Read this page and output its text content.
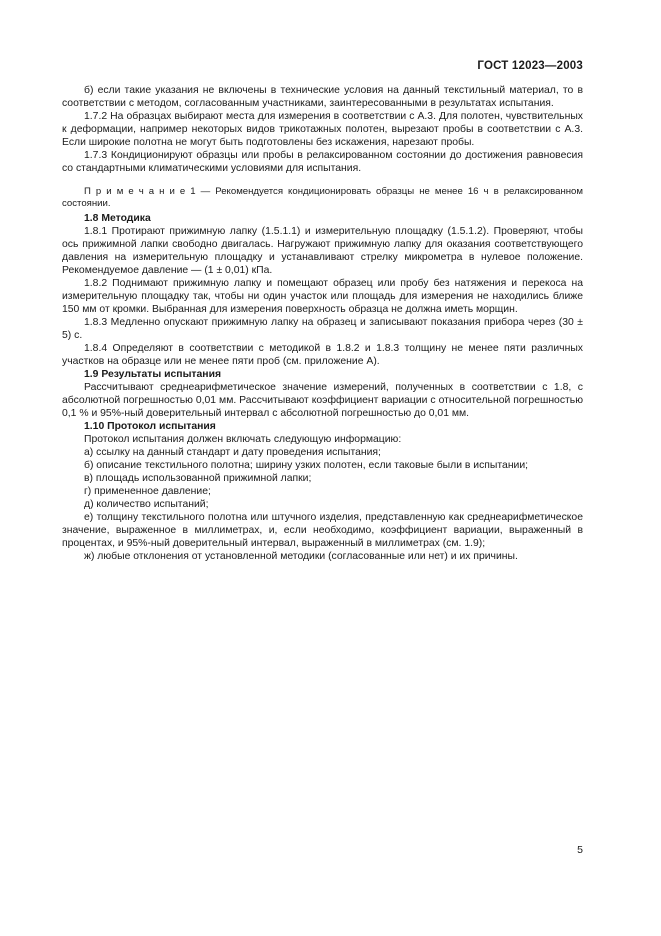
ГОСТ 12023—2003

б) если такие указания не включены в технические условия на данный текстильный материал, то в соответствии с методом, согласованным участниками, заинтересованными в результатах испытания.

1.7.2 На образцах выбирают места для измерения в соответствии с А.3. Для полотен, чувствительных к деформации, например некоторых видов трикотажных полотен, вырезают пробы в соответствии с А.3. Если широкие полотна не могут быть подготовлены без искажения, нарезают пробы.

1.7.3 Кондиционируют образцы или пробы в релаксированном состоянии до достижения равновесия со стандартными климатическими условиями для испытания.

П р и м е ч а н и е 1 — Рекомендуется кондиционировать образцы не менее 16 ч в релаксированном состоянии.

1.8 Методика

1.8.1 Протирают прижимную лапку (1.5.1.1) и измерительную площадку (1.5.1.2). Проверяют, чтобы ось прижимной лапки свободно двигалась. Нагружают прижимную лапку для оказания соответствующего давления на измерительную площадку и устанавливают стрелку микрометра в нулевое положение. Рекомендуемое давление — (1 ± 0,01) кПа.

1.8.2 Поднимают прижимную лапку и помещают образец или пробу без натяжения и перекоса на измерительную площадку так, чтобы ни один участок или площадь для измерения не находились ближе 150 мм от кромки. Выбранная для измерения поверхность образца не должна иметь морщин.

1.8.3 Медленно опускают прижимную лапку на образец и записывают показания прибора через (30 ± 5) с.

1.8.4 Определяют в соответствии с методикой в 1.8.2 и 1.8.3 толщину не менее пяти различных участков на образце или не менее пяти проб (см. приложение А).

1.9 Результаты испытания

Рассчитывают среднеарифметическое значение измерений, полученных в соответствии с 1.8, с абсолютной погрешностью 0,01 мм. Рассчитывают коэффициент вариации с относительной погрешностью 0,1 % и 95%-ный доверительный интервал с абсолютной погрешностью до 0,01 мм.

1.10 Протокол испытания

Протокол испытания должен включать следующую информацию:

а) ссылку на данный стандарт и дату проведения испытания;

б) описание текстильного полотна; ширину узких полотен, если таковые были в испытании;

в) площадь использованной прижимной лапки;

г) примененное давление;

д) количество испытаний;

е) толщину текстильного полотна или штучного изделия, представленную как среднеарифметическое значение, выраженное в миллиметрах, и, если необходимо, коэффициент вариации, выраженный в процентах, и 95%-ный доверительный интервал, выраженный в миллиметрах (см. 1.9);

ж) любые отклонения от установленной методики (согласованные или нет) и их причины.

5
